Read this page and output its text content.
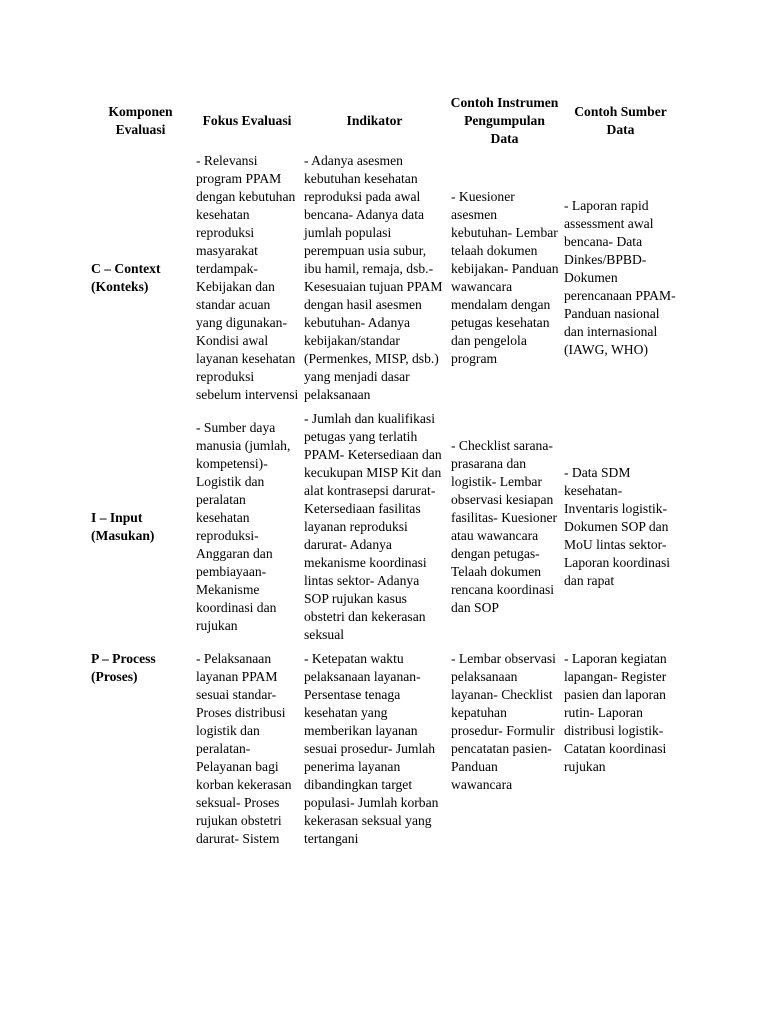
Komponen Evaluasi	Fokus Evaluasi	Indikator	Contoh Instrumen Pengumpulan Data	Contoh Sumber Data
C – Context (Konteks)	- Relevansi program PPAM dengan kebutuhan kesehatan reproduksi masyarakat terdampak- Kebijakan dan standar acuan yang digunakan- Kondisi awal layanan kesehatan reproduksi sebelum intervensi	- Adanya asesmen kebutuhan kesehatan reproduksi pada awal bencana- Adanya data jumlah populasi perempuan usia subur, ibu hamil, remaja, dsb.- Kesesuaian tujuan PPAM dengan hasil asesmen kebutuhan- Adanya kebijakan/standar (Permenkes, MISP, dsb.) yang menjadi dasar pelaksanaan	- Kuesioner asesmen kebutuhan- Lembar telaah dokumen kebijakan- Panduan wawancara mendalam dengan petugas kesehatan dan pengelola program	- Laporan rapid assessment awal bencana- Data Dinkes/BPBD- Dokumen perencanaan PPAM- Panduan nasional dan internasional (IAWG, WHO)
I – Input (Masukan)	- Sumber daya manusia (jumlah, kompetensi)- Logistik dan peralatan kesehatan reproduksi- Anggaran dan pembiayaan- Mekanisme koordinasi dan rujukan	- Jumlah dan kualifikasi petugas yang terlatih PPAM- Ketersediaan dan kecukupan MISP Kit dan alat kontrasepsi darurat- Ketersediaan fasilitas layanan reproduksi darurat- Adanya mekanisme koordinasi lintas sektor- Adanya SOP rujukan kasus obstetri dan kekerasan seksual	- Checklist sarana-prasarana dan logistik- Lembar observasi kesiapan fasilitas- Kuesioner atau wawancara dengan petugas- Telaah dokumen rencana koordinasi dan SOP	- Data SDM kesehatan- Inventaris logistik- Dokumen SOP dan MoU lintas sektor- Laporan koordinasi dan rapat
P – Process (Proses)	- Pelaksanaan layanan PPAM sesuai standar- Proses distribusi logistik dan peralatan- Pelayanan bagi korban kekerasan seksual- Proses rujukan obstetri darurat- Sistem	- Ketepatan waktu pelaksanaan layanan- Persentase tenaga kesehatan yang memberikan layanan sesuai prosedur- Jumlah penerima layanan dibandingkan target populasi- Jumlah korban kekerasan seksual yang tertangani	- Lembar observasi pelaksanaan layanan- Checklist kepatuhan prosedur- Formulir pencatatan pasien- Panduan wawancara	- Laporan kegiatan lapangan- Register pasien dan laporan rutin- Laporan distribusi logistik- Catatan koordinasi rujukan
